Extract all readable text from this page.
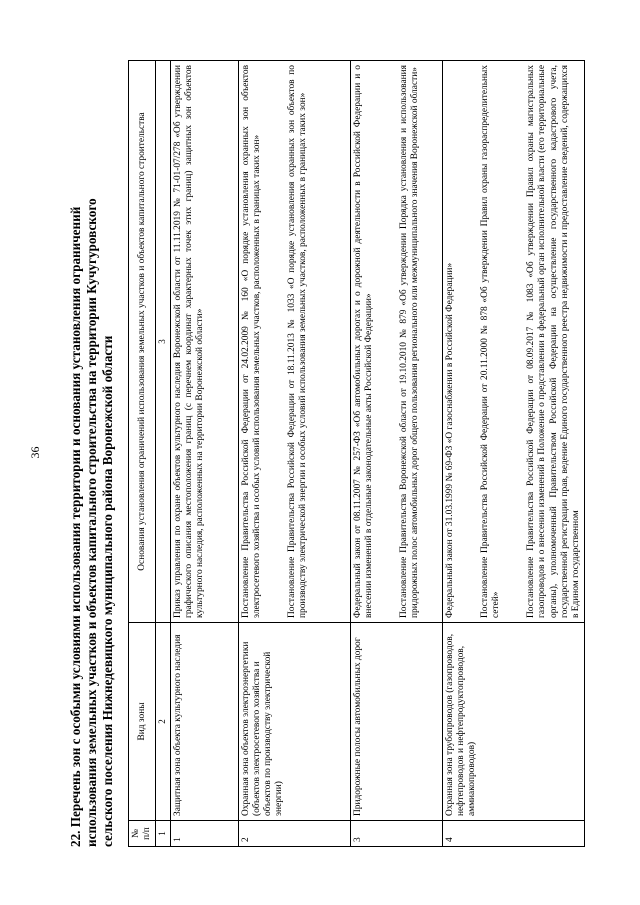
36 22. Перечень зон с особыми условиями использования территории и основания установления ограничений использования земельных участков и объектов капитального строительства на территории Кучугуровского сельского поселения Нижнедевицкого муниципального района Воронежской области № п/п	Вид зоны	Основания установления ограничений использования земельных участков и объектов капитального строительства
1	2	3
1	Защитная зона объекта культурного наследия	Приказ управления по охране объектов культурного наследия Воронежской области от 11.11.2019 № 71-01-07/278 «Об утверждении графического описания местоположения границ (с перечнем координат характерных точек этих границ) защитных зон объектов культурного наследия, расположенных на территории Воронежской области»

2	Охранная зона объектов электроэнергетики (объектов электросетевого хозяйства и объектов по производству электрической энергии)	Постановление Правительства Российской Федерации от 24.02.2009 № 160 «О порядке установления охранных зон объектов электросетевого хозяйства и особых условий использования земельных участков, расположенных в границах таких зон» Постановление Правительства Российской Федерации от 18.11.2013 № 1033 «О порядке установления охранных зон объектов по производству электрической энергии и особых условий использования земельных участков, расположенных в границах таких зон»

3	Придорожные полосы автомобильных дорог	Федеральный закон от 08.11.2007 № 257-ФЗ «Об автомобильных дорогах и о дорожной деятельности в Российской Федерации и о внесении изменений в отдельные законодательные акты Российской Федерации» Постановление Правительства Воронежской области от 19.10.2010 № 879 «Об утверждении Порядка установления и использования придорожных полос автомобильных дорог общего пользования регионального или межмуниципального значения Воронежской области»

4	Охранная зона трубопроводов (газопроводов, нефтепроводов и нефтепродуктопроводов, аммиакопроводов)	Федеральный закон от 31.03.1999 № 69-ФЗ «О газоснабжении в Российской Федерации» Постановление Правительства Российской Федерации от 20.11.2000 № 878 «Об утверждении Правил охраны газораспределительных сетей» Постановление Правительства Российской Федерации от 08.09.2017 № 1083 «Об утверждении Правил охраны магистральных газопроводов и о внесении изменений в Положение о представлении в федеральный орган исполнительной власти (его территориальные органы), уполномоченный Правительством Российской Федерации на осуществление государственного кадастрового учета, государственной регистрации прав, ведение Единого государственного реестра недвижимости и предоставление сведений, содержащихся в Едином государственном
